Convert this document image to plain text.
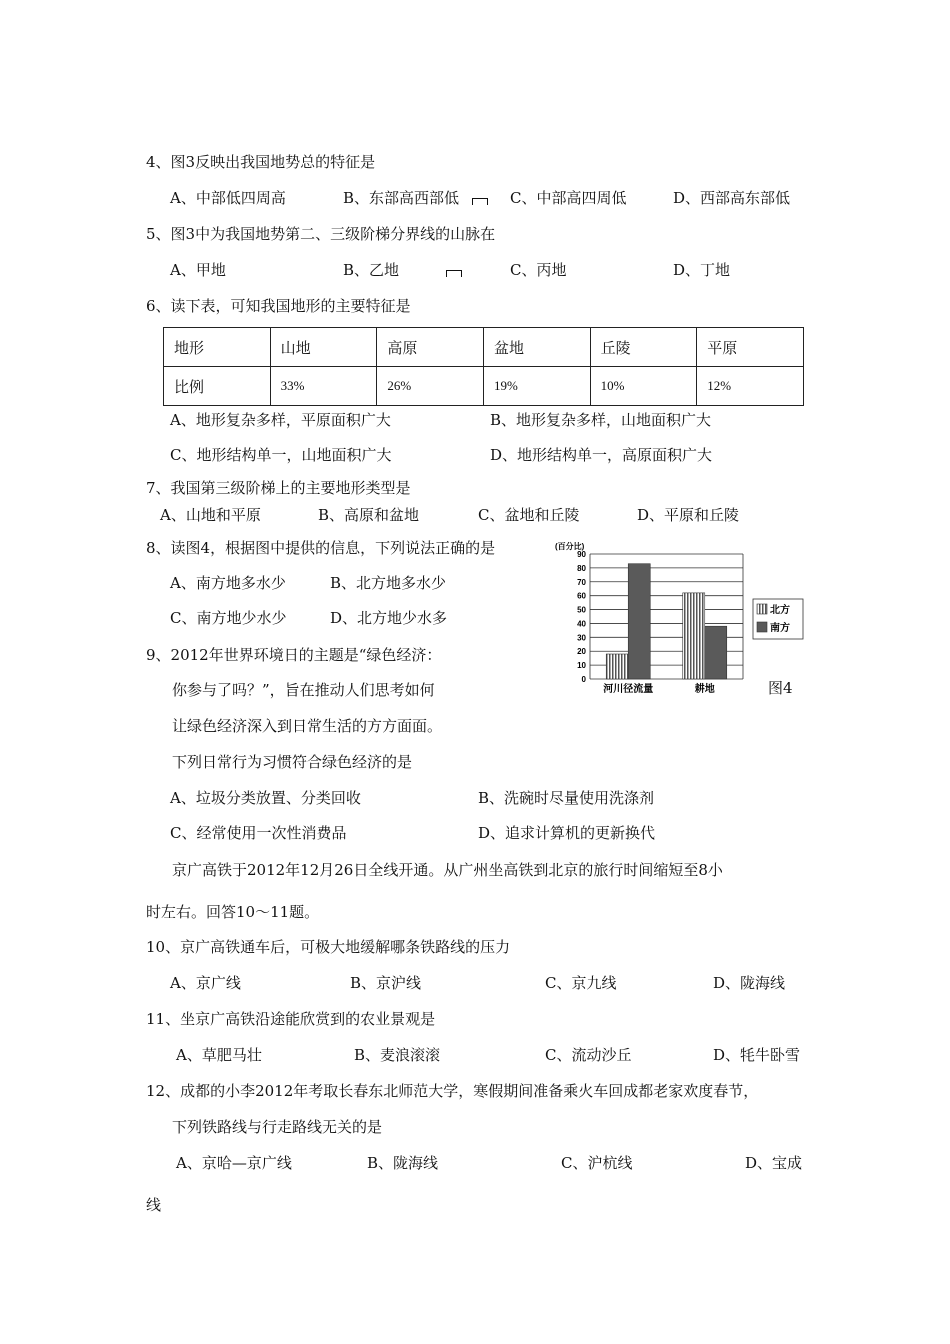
4、图3反映出我国地势总的特征是
A、中部低四周高	B、东部高西部低	C、中部高四周低	D、西部高东部低
5、图3中为我国地势第二、三级阶梯分界线的山脉在
A、甲地	B、乙地	C、丙地	D、丁地
6、读下表，可知我国地形的主要特征是
地形	山地	高原	盆地	丘陵	平原
比例	33%	26%	19%	10%	12%
A、地形复杂多样，平原面积广大	B、地形复杂多样，山地面积广大
C、地形结构单一，山地面积广大	D、地形结构单一，高原面积广大
7、我国第三级阶梯上的主要地形类型是
A、山地和平原	B、高原和盆地	C、盆地和丘陵	D、平原和丘陵
8、读图4，根据图中提供的信息，下列说法正确的是
A、南方地多水少	B、北方地多水少
C、南方地少水少	D、北方地少水多
90
80
70
60
50
40
30
20
10
0
(百分比)
河川径流量	耕地
北方
南方
图4
9、2012年世界环境日的主题是“绿色经济：
你参与了吗？”，旨在推动人们思考如何
让绿色经济深入到日常生活的方方面面。
下列日常行为习惯符合绿色经济的是
A、垃圾分类放置、分类回收	B、洗碗时尽量使用洗涤剂
C、经常使用一次性消费品	D、追求计算机的更新换代
京广高铁于2012年12月26日全线开通。从广州坐高铁到北京的旅行时间缩短至8小
时左右。回答10～11题。
10、京广高铁通车后，可极大地缓解哪条铁路线的压力
A、京广线	B、京沪线	C、京九线	D、陇海线
11、坐京广高铁沿途能欣赏到的农业景观是
A、草肥马壮	B、麦浪滚滚	C、流动沙丘	D、牦牛卧雪
12、成都的小李2012年考取长春东北师范大学，寒假期间准备乘火车回成都老家欢度春节，
下列铁路线与行走路线无关的是
A、京哈—京广线	B、陇海线	C、沪杭线	D、宝成
线
